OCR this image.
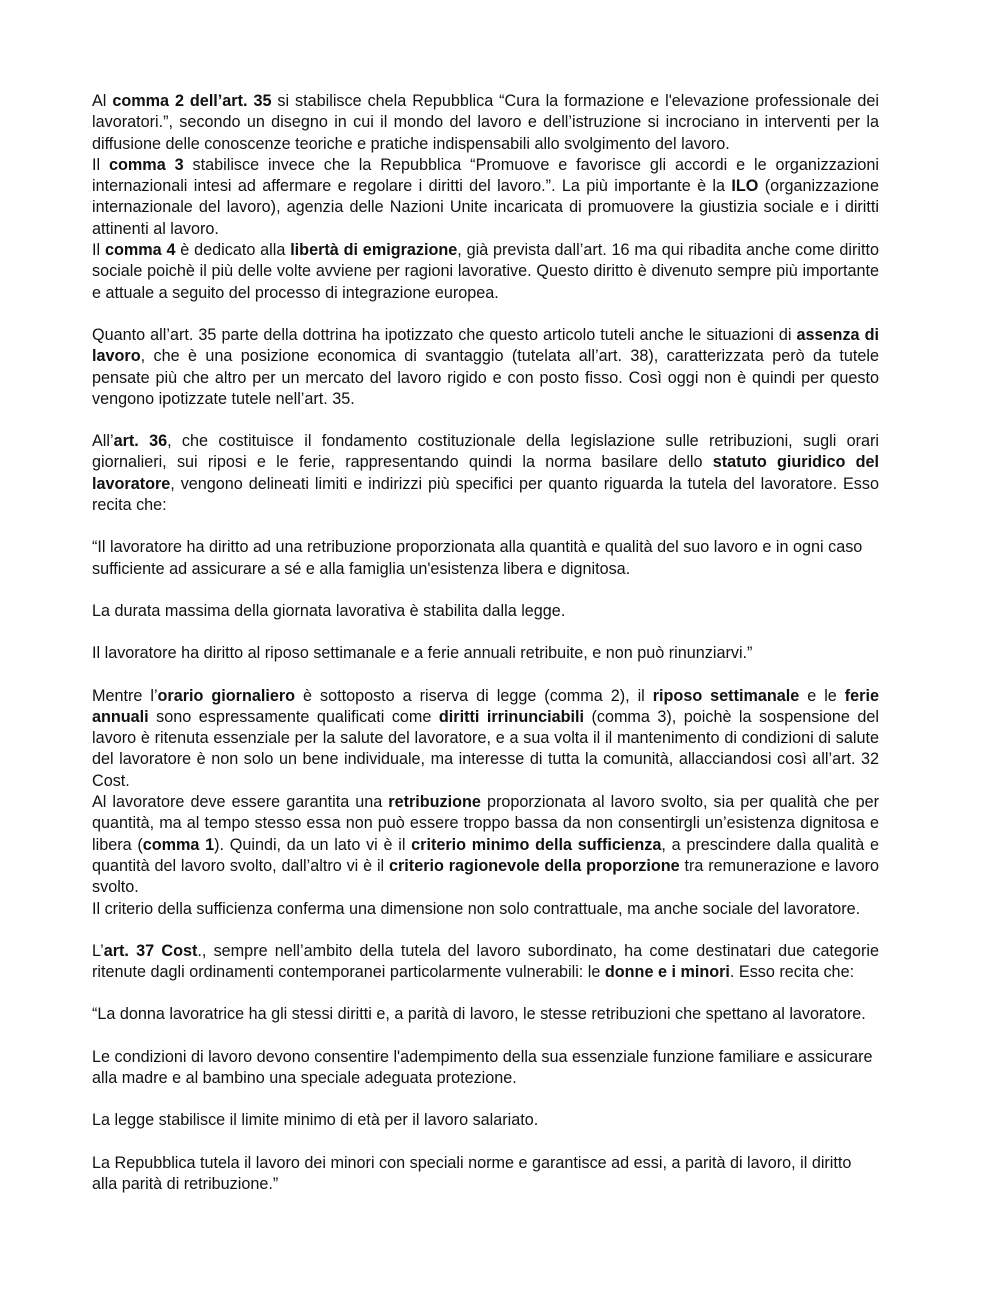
Al comma 2 dell’art. 35 si stabilisce chela Repubblica “Cura la formazione e l'elevazione professionale dei lavoratori.”, secondo un disegno in cui il mondo del lavoro e dell’istruzione si incrociano in interventi per la diffusione delle conoscenze teoriche e pratiche indispensabili allo svolgimento del lavoro.

Il comma 3 stabilisce invece che la Repubblica “Promuove e favorisce gli accordi e le organizzazioni internazionali intesi ad affermare e regolare i diritti del lavoro.”. La più importante è la ILO (organizzazione internazionale del lavoro), agenzia delle Nazioni Unite incaricata di promuovere la giustizia sociale e i diritti attinenti al lavoro.

Il comma 4 è dedicato alla libertà di emigrazione, già prevista dall’art. 16 ma qui ribadita anche come diritto sociale poichè il più delle volte avviene per ragioni lavorative. Questo diritto è divenuto sempre più importante e attuale a seguito del processo di integrazione europea.

Quanto all’art. 35 parte della dottrina ha ipotizzato che questo articolo tuteli anche le situazioni di assenza di lavoro, che è una posizione economica di svantaggio (tutelata all’art. 38), caratterizzata però da tutele pensate più che altro per un mercato del lavoro rigido e con posto fisso. Così oggi non è quindi per questo vengono ipotizzate tutele nell’art. 35.

All’art. 36, che costituisce il fondamento costituzionale della legislazione sulle retribuzioni, sugli orari giornalieri, sui riposi e le ferie, rappresentando quindi la norma basilare dello statuto giuridico del lavoratore, vengono delineati limiti e indirizzi più specifici per quanto riguarda la tutela del lavoratore. Esso recita che:

“Il lavoratore ha diritto ad una retribuzione proporzionata alla quantità e qualità del suo lavoro e in ogni caso sufficiente ad assicurare a sé e alla famiglia un'esistenza libera e dignitosa.

La durata massima della giornata lavorativa è stabilita dalla legge.

Il lavoratore ha diritto al riposo settimanale e a ferie annuali retribuite, e non può rinunziarvi.”

Mentre l’orario giornaliero è sottoposto a riserva di legge (comma 2), il riposo settimanale e le ferie annuali sono espressamente qualificati come diritti irrinunciabili (comma 3), poichè la sospensione del lavoro è ritenuta essenziale per la salute del lavoratore, e a sua volta il il mantenimento di condizioni di salute del lavoratore è non solo un bene individuale, ma interesse di tutta la comunità, allacciandosi così all’art. 32 Cost.

Al lavoratore deve essere garantita una retribuzione proporzionata al lavoro svolto, sia per qualità che per quantità, ma al tempo stesso essa non può essere troppo bassa da non consentirgli un’esistenza dignitosa e libera (comma 1). Quindi, da un lato vi è il criterio minimo della sufficienza, a prescindere dalla qualità e quantità del lavoro svolto, dall’altro vi è il criterio ragionevole della proporzione tra remunerazione e lavoro svolto.

Il criterio della sufficienza conferma una dimensione non solo contrattuale, ma anche sociale del lavoratore.

L’art. 37 Cost., sempre nell’ambito della tutela del lavoro subordinato, ha come destinatari due categorie ritenute dagli ordinamenti contemporanei particolarmente vulnerabili: le donne e i minori. Esso recita che:

“La donna lavoratrice ha gli stessi diritti e, a parità di lavoro, le stesse retribuzioni che spettano al lavoratore.

Le condizioni di lavoro devono consentire l'adempimento della sua essenziale funzione familiare e assicurare alla madre e al bambino una speciale adeguata protezione.

La legge stabilisce il limite minimo di età per il lavoro salariato.

La Repubblica tutela il lavoro dei minori con speciali norme e garantisce ad essi, a parità di lavoro, il diritto alla parità di retribuzione.”
